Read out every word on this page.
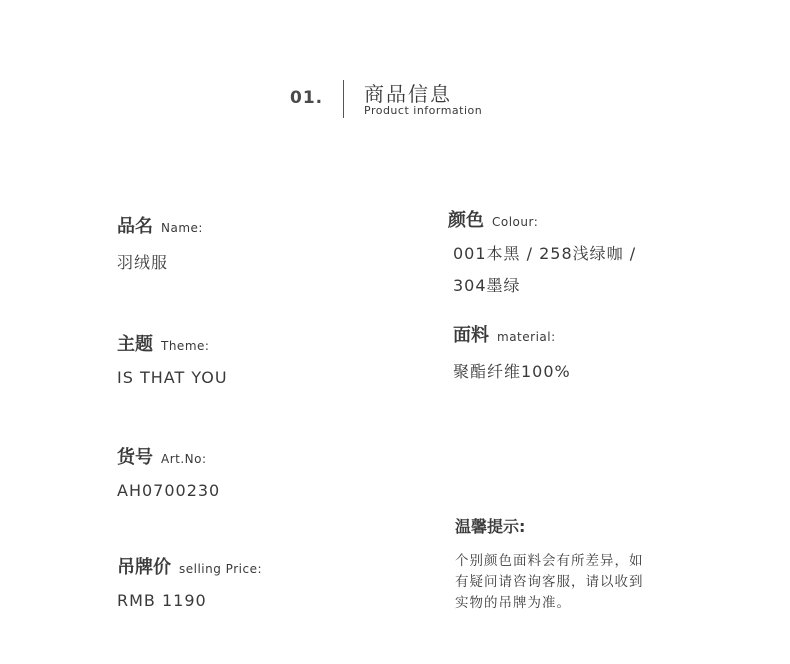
01. 商品信息
Product information
品名 Name:
羽绒服
主题 Theme:
IS THAT YOU
货号 Art.No:
AH0700230
吊牌价 selling Price:
RMB 1190
颜色 Colour:
001本黑 / 258浅绿咖 /
304墨绿
面料 material:
聚酯纤维100%
温馨提示:
个别颜色面料会有所差异，如
有疑问请咨询客服，请以收到
实物的吊牌为准。
